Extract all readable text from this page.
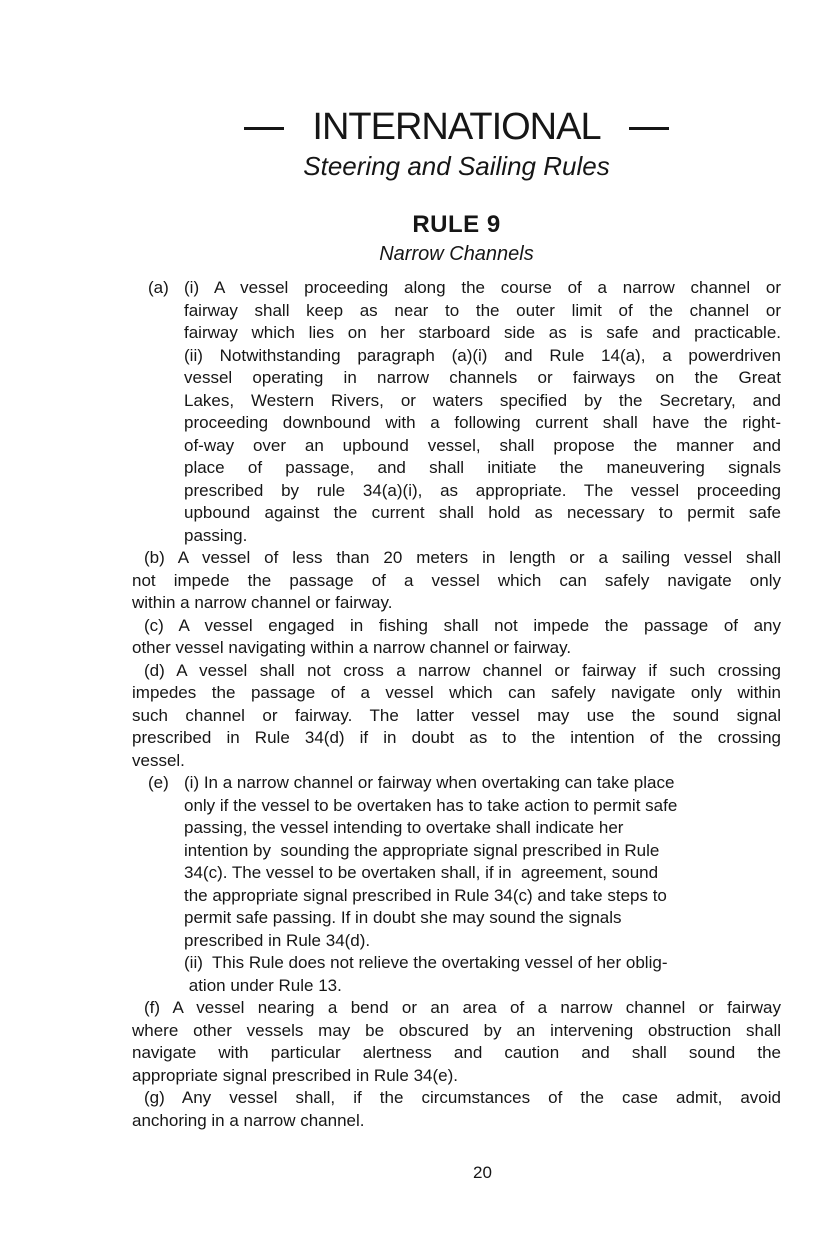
INTERNATIONAL
Steering and Sailing Rules
RULE 9
Narrow Channels
(a) (i) A vessel proceeding along the course of a narrow channel or
fairway shall keep as near to the outer limit of the channel or
fairway which lies on her starboard side as is safe and practicable.
(ii) Notwithstanding paragraph (a)(i) and Rule 14(a), a powerdriven
vessel operating in narrow channels or fairways on the Great
Lakes, Western Rivers, or waters specified by the Secretary, and
proceeding downbound with a following current shall have the right-
of-way over an upbound vessel, shall propose the manner and
place of passage, and shall initiate the maneuvering signals
prescribed by rule 34(a)(i), as appropriate. The vessel proceeding
upbound against the current shall hold as necessary to permit safe
passing.
(b) A vessel of less than 20 meters in length or a sailing vessel shall
not impede the passage of a vessel which can safely navigate only
within a narrow channel or fairway.
(c) A vessel engaged in fishing shall not impede the passage of any
other vessel navigating within a narrow channel or fairway.
(d) A vessel shall not cross a narrow channel or fairway if such crossing
impedes the passage of a vessel which can safely navigate only within
such channel or fairway. The latter vessel may use the sound signal
prescribed in Rule 34(d) if in doubt as to the intention of the crossing
vessel.
(e) (i) In a narrow channel or fairway when overtaking can take place
only if the vessel to be overtaken has to take action to permit safe
passing, the vessel intending to overtake shall indicate her
intention by  sounding the appropriate signal prescribed in Rule
34(c). The vessel to be overtaken shall, if in  agreement, sound
the appropriate signal prescribed in Rule 34(c) and take steps to
permit safe passing. If in doubt she may sound the signals
prescribed in Rule 34(d).
(ii)  This Rule does not relieve the overtaking vessel of her oblig-
ation under Rule 13.
(f) A vessel nearing a bend or an area of a narrow channel or fairway
where other vessels may be obscured by an intervening obstruction shall
navigate with particular alertness and caution and shall sound the
appropriate signal prescribed in Rule 34(e).
(g) Any vessel shall, if the circumstances of the case admit, avoid
anchoring in a narrow channel.
20
